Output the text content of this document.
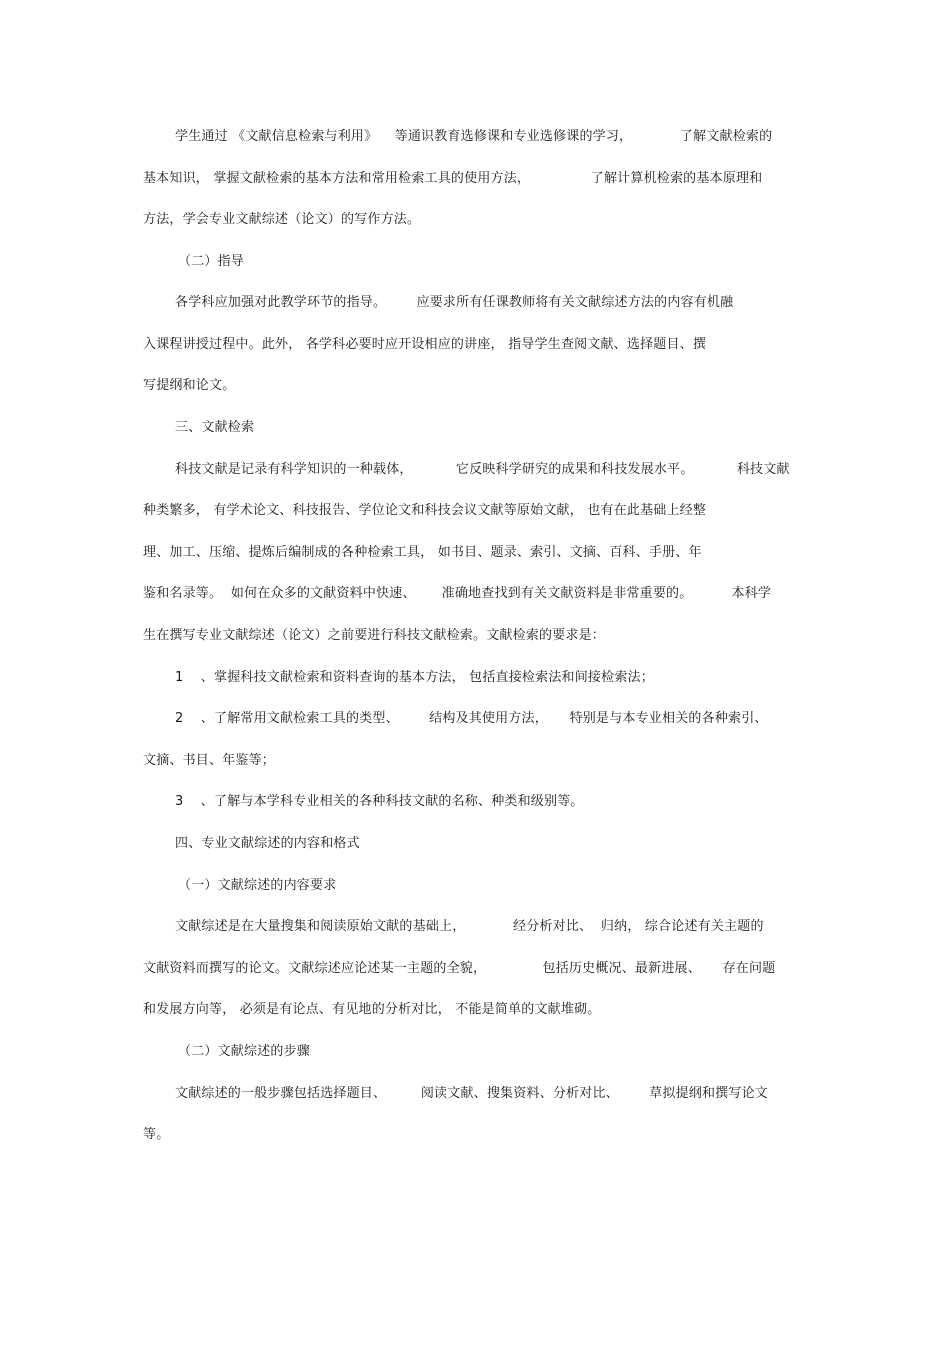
学生通过 《文献信息检索与利用》    等通识教育选修课和专业选修课的学习，           了解文献检索的
基本知识， 掌握文献检索的基本方法和常用检索工具的使用方法，              了解计算机检索的基本原理和
方法，学会专业文献综述（论文）的写作方法。
（二）指导
各学科应加强对此教学环节的指导。       应要求所有任课教师将有关文献综述方法的内容有机融
入课程讲授过程中。此外， 各学科必要时应开设相应的讲座， 指导学生查阅文献、选择题目、撰
写提纲和论文。
三、文献检索
科技文献是记录有科学知识的一种载体，          它反映科学研究的成果和科技发展水平。          科技文献
种类繁多， 有学术论文、科技报告、学位论文和科技会议文献等原始文献， 也有在此基础上经整
理、加工、压缩、提炼后编制成的各种检索工具， 如书目、题录、索引、文摘、百科、手册、年
鉴和名录等。  如何在众多的文献资料中快速、      准确地查找到有关文献资料是非常重要的。         本科学
生在撰写专业文献综述（论文）之前要进行科技文献检索。文献检索的要求是：
1    、掌握科技文献检索和资料查询的基本方法， 包括直接检索法和间接检索法；
2    、了解常用文献检索工具的类型、       结构及其使用方法，     特别是与本专业相关的各种索引、
文摘、书目、年鉴等；
3    、了解与本学科专业相关的各种科技文献的名称、种类和级别等。
四、专业文献综述的内容和格式
（一）文献综述的内容要求
文献综述是在大量搜集和阅读原始文献的基础上，           经分析对比、  归纳， 综合论述有关主题的
文献资料而撰写的论文。文献综述应论述某一主题的全貌，             包括历史概况、最新进展、     存在问题
和发展方向等， 必须是有论点、有见地的分析对比， 不能是简单的文献堆砌。
（二）文献综述的步骤
文献综述的一般步骤包括选择题目、        阅读文献、搜集资料、分析对比、       草拟提纲和撰写论文
等。
